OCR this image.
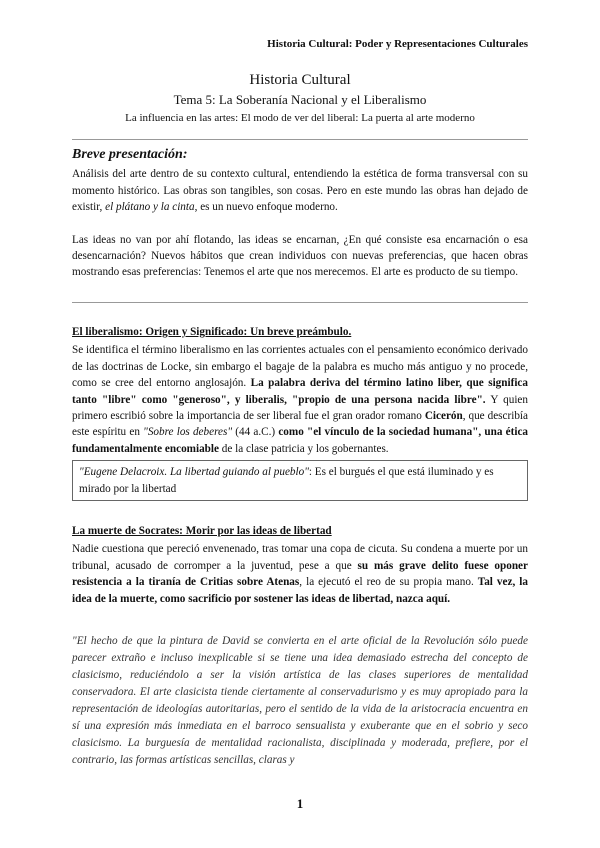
Historia Cultural: Poder y Representaciones Culturales
Historia Cultural
Tema 5: La Soberanía Nacional y el Liberalismo
La influencia en las artes: El modo de ver del liberal: La puerta al arte moderno
Breve presentación:

Análisis del arte dentro de su contexto cultural, entendiendo la estética de forma transversal con su momento histórico. Las obras son tangibles, son cosas. Pero en este mundo las obras han dejado de existir, el plátano y la cinta, es un nuevo enfoque moderno.

Las ideas no van por ahí flotando, las ideas se encarnan, ¿En qué consiste esa encarnación o esa desencarnación? Nuevos hábitos que crean individuos con nuevas preferencias, que hacen obras mostrando esas preferencias: Tenemos el arte que nos merecemos. El arte es producto de su tiempo.

El liberalismo: Origen y Significado: Un breve preámbulo.

Se identifica el término liberalismo en las corrientes actuales con el pensamiento económico derivado de las doctrinas de Locke, sin embargo el bagaje de la palabra es mucho más antiguo y no procede, como se cree del entorno anglosajón. La palabra deriva del término latino liber, que significa tanto "libre" como "generoso", y liberalis, "propio de una persona nacida libre". Y quien primero escribió sobre la importancia de ser liberal fue el gran orador romano Cicerón, que describía este espíritu en "Sobre los deberes" (44 a.C.) como "el vínculo de la sociedad humana", una ética fundamentalmente encomiable de la clase patricia y los gobernantes.

"Eugene Delacroix. La libertad guiando al pueblo": Es el burgués el que está iluminado y es mirado por la libertad
La muerte de Socrates: Morir por las ideas de libertad

Nadie cuestiona que pereció envenenado, tras tomar una copa de cicuta. Su condena a muerte por un tribunal, acusado de corromper a la juventud, pese a que su más grave delito fuese oponer resistencia a la tiranía de Critias sobre Atenas, la ejecutó el reo de su propia mano. Tal vez, la idea de la muerte, como sacrificio por sostener las ideas de libertad, nazca aquí.

"El hecho de que la pintura de David se convierta en el arte oficial de la Revolución sólo puede parecer extraño e incluso inexplicable si se tiene una idea demasiado estrecha del concepto de clasicismo, reduciéndolo a ser la visión artística de las clases superiores de mentalidad conservadora. El arte clasicista tiende ciertamente al conservadurismo y es muy apropiado para la representación de ideologías autoritarias, pero el sentido de la vida de la aristocracia encuentra en sí una expresión más inmediata en el barroco sensualista y exuberante que en el sobrio y seco clasicismo. La burguesía de mentalidad racionalista, disciplinada y moderada, prefiere, por el contrario, las formas artísticas sencillas, claras y

1
